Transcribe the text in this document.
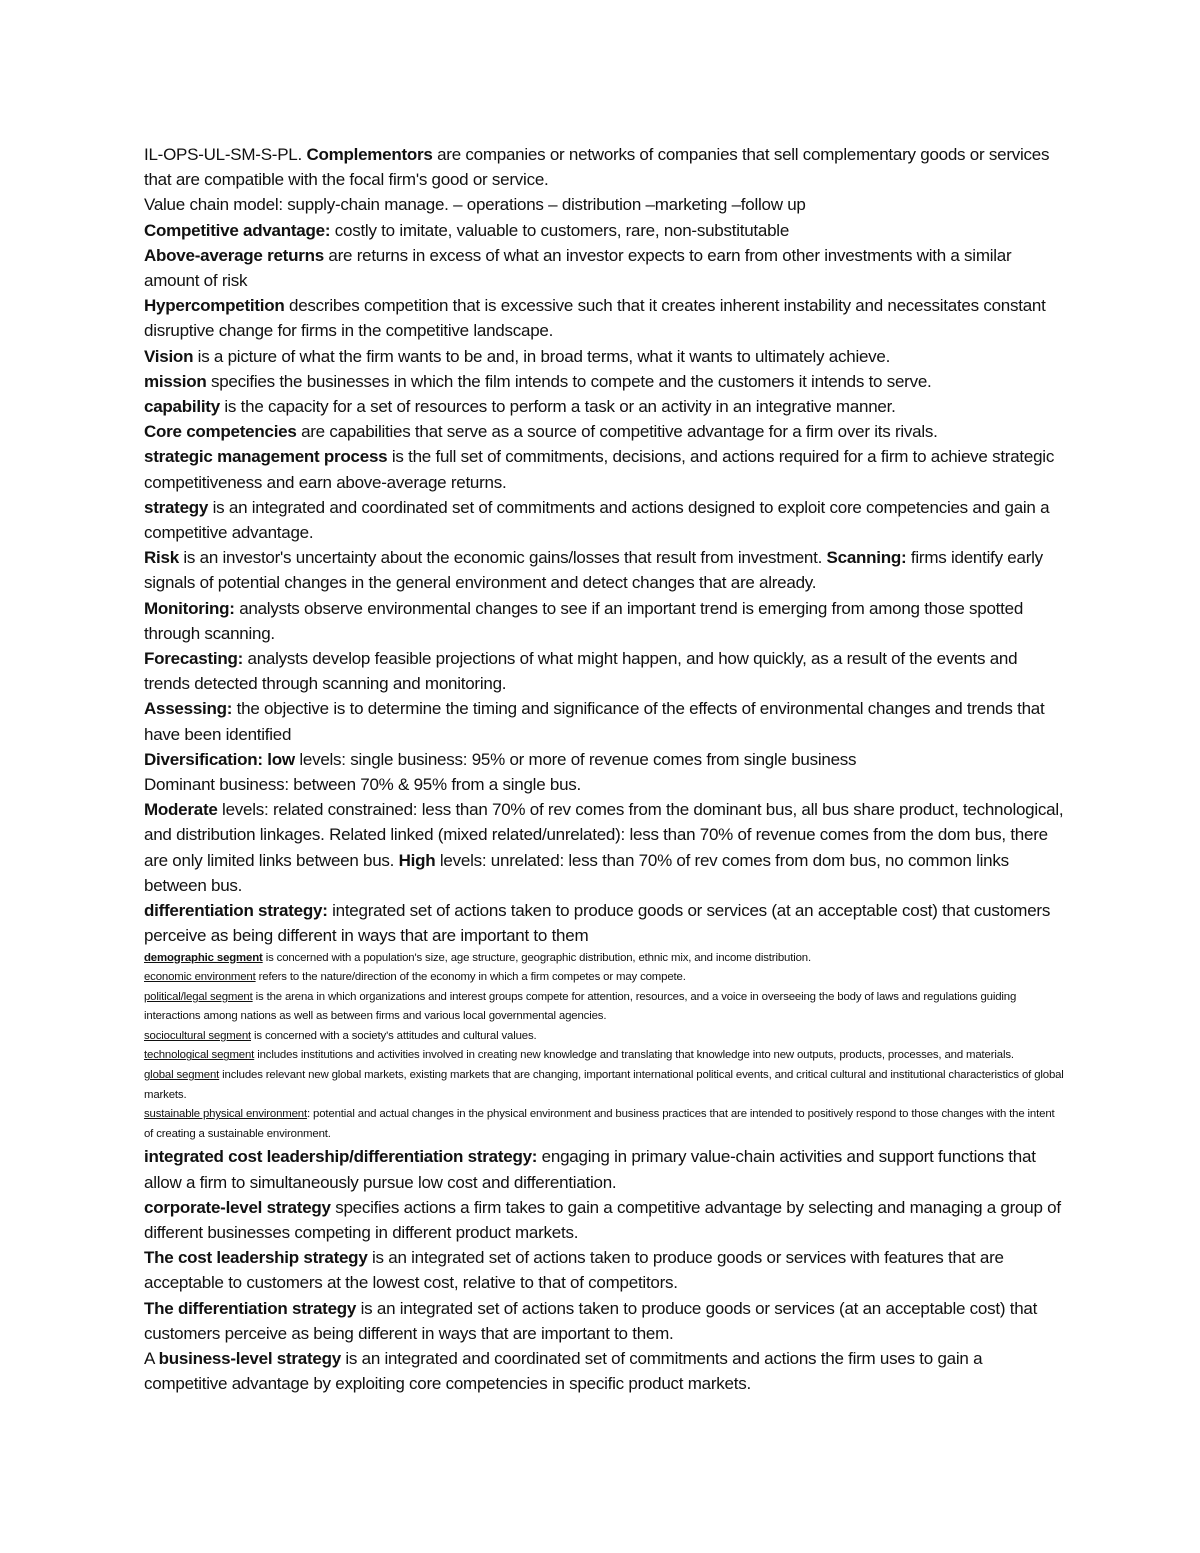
IL-OPS-UL-SM-S-PL. Complementors are companies or networks of companies that sell complementary goods or services that are compatible with the focal firm's good or service.

Value chain model: supply-chain manage. – operations – distribution –marketing –follow up

Competitive advantage: costly to imitate, valuable to customers, rare, non-substitutable

Above-average returns are returns in excess of what an investor expects to earn from other investments with a similar amount of risk

Hypercompetition describes competition that is excessive such that it creates inherent instability and necessitates constant disruptive change for firms in the competitive landscape.

Vision is a picture of what the firm wants to be and, in broad terms, what it wants to ultimately achieve.

mission specifies the businesses in which the film intends to compete and the customers it intends to serve.

capability is the capacity for a set of resources to perform a task or an activity in an integrative manner.

Core competencies are capabilities that serve as a source of competitive advantage for a firm over its rivals.

strategic management process is the full set of commitments, decisions, and actions required for a firm to achieve strategic competitiveness and earn above-average returns.

strategy is an integrated and coordinated set of commitments and actions designed to exploit core competencies and gain a competitive advantage.

Risk is an investor's uncertainty about the economic gains/losses that result from investment. Scanning: firms identify early signals of potential changes in the general environment and detect changes that are already.

Monitoring: analysts observe environmental changes to see if an important trend is emerging from among those spotted through scanning.

Forecasting: analysts develop feasible projections of what might happen, and how quickly, as a result of the events and trends detected through scanning and monitoring.

Assessing: the objective is to determine the timing and significance of the effects of environmental changes and trends that have been identified

Diversification: low levels: single business: 95% or more of revenue comes from single business

Dominant business: between 70% & 95% from a single bus.

Moderate levels: related constrained: less than 70% of rev comes from the dominant bus, all bus share product, technological, and distribution linkages. Related linked (mixed related/unrelated): less than 70% of revenue comes from the dom bus, there are only limited links between bus. High levels: unrelated: less than 70% of rev comes from dom bus, no common links between bus.

differentiation strategy: integrated set of actions taken to produce goods or services (at an acceptable cost) that customers perceive as being different in ways that are important to them

demographic segment is concerned with a population's size, age structure, geographic distribution, ethnic mix, and income distribution.

economic environment refers to the nature/direction of the economy in which a firm competes or may compete.

political/legal segment is the arena in which organizations and interest groups compete for attention, resources, and a voice in overseeing the body of laws and regulations guiding interactions among nations as well as between firms and various local governmental agencies.

sociocultural segment is concerned with a society's attitudes and cultural values.

technological segment includes institutions and activities involved in creating new knowledge and translating that knowledge into new outputs, products, processes, and materials.

global segment includes relevant new global markets, existing markets that are changing, important international political events, and critical cultural and institutional characteristics of global markets.

sustainable physical environment: potential and actual changes in the physical environment and business practices that are intended to positively respond to those changes with the intent of creating a sustainable environment.

integrated cost leadership/differentiation strategy: engaging in primary value-chain activities and support functions that allow a firm to simultaneously pursue low cost and differentiation.

corporate-level strategy specifies actions a firm takes to gain a competitive advantage by selecting and managing a group of different businesses competing in different product markets.

The cost leadership strategy is an integrated set of actions taken to produce goods or services with features that are acceptable to customers at the lowest cost, relative to that of competitors.

The differentiation strategy is an integrated set of actions taken to produce goods or services (at an acceptable cost) that customers perceive as being different in ways that are important to them.

A business-level strategy is an integrated and coordinated set of commitments and actions the firm uses to gain a competitive advantage by exploiting core competencies in specific product markets.
